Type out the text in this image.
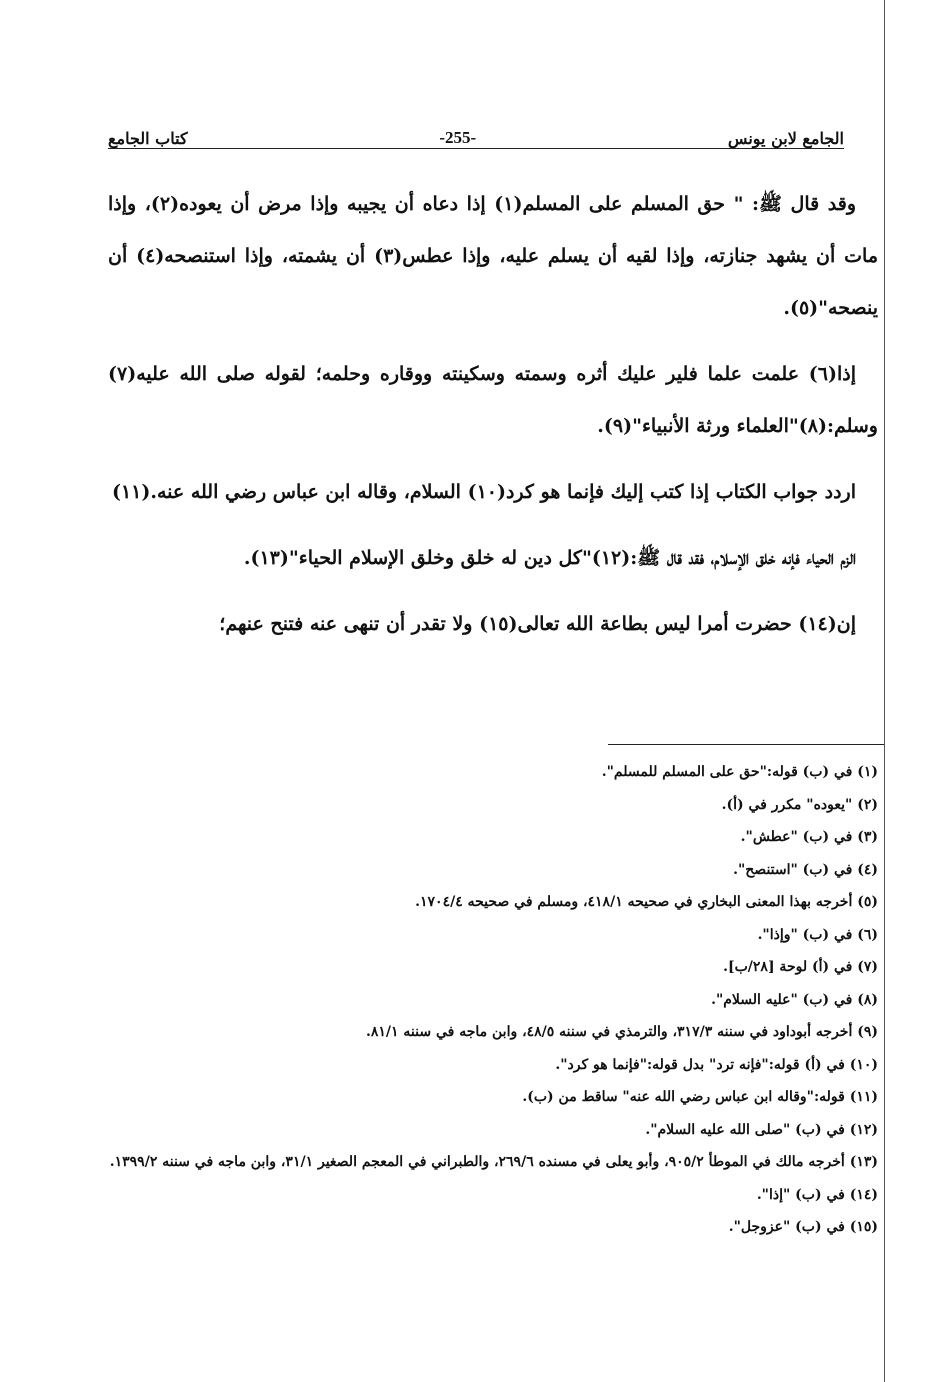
الجامع لابن يونس
-255-
كتاب الجامع

وقد قال ﷺ: " حق المسلم على المسلم(١) إذا دعاه أن يجيبه وإذا مرض أن يعوده(٢)، وإذا مات أن يشهد جنازته، وإذا لقيه أن يسلم عليه، وإذا عطس(٣) أن يشمته، وإذا استنصحه(٤) أن ينصحه"(٥).

إذا(٦) علمت علما فلير عليك أثره وسمته وسكينته ووقاره وحلمه؛ لقوله صلى الله عليه(٧) وسلم:(٨)"العلماء ورثة الأنبياء"(٩).

اردد جواب الكتاب إذا كتب إليك فإنما هو كرد(١٠) السلام، وقاله ابن عباس رضي الله عنه.(١١)

الزم الحياء فإنه خلق الإسلام، فقد قال ﷺ:(١٢)"كل دين له خلق وخلق الإسلام الحياء"(١٣).

إن(١٤) حضرت أمرا ليس بطاعة الله تعالى(١٥) ولا تقدر أن تنهى عنه فتنح عنهم؛

(١) في (ب) قوله:"حق على المسلم للمسلم".

(٢) "يعوده" مكرر في (أ).

(٣) في (ب) "عطش".

(٤) في (ب) "استنصح".

(٥) أخرجه بهذا المعنى البخاري في صحيحه ٤١٨/١، ومسلم في صحيحه ١٧٠٤/٤.

(٦) في (ب) "وإذا".

(٧) في (أ) لوحة [٢٨/ب].

(٨) في (ب) "عليه السلام".

(٩) أخرجه أبوداود في سننه ٣١٧/٣، والترمذي في سننه ٤٨/٥، وابن ماجه في سننه ٨١/١.

(١٠) في (أ) قوله:"فإنه ترد" بدل قوله:"فإنما هو كرد".

(١١) قوله:"وقاله ابن عباس رضي الله عنه" ساقط من (ب).

(١٢) في (ب) "صلى الله عليه السلام".

(١٣) أخرجه مالك في الموطأ ٩٠٥/٢، وأبو يعلى في مسنده ٢٦٩/٦، والطبراني في المعجم الصغير ٣١/١، وابن ماجه في سننه ١٣٩٩/٢.

(١٤) في (ب) "إذا".

(١٥) في (ب) "عزوجل".
